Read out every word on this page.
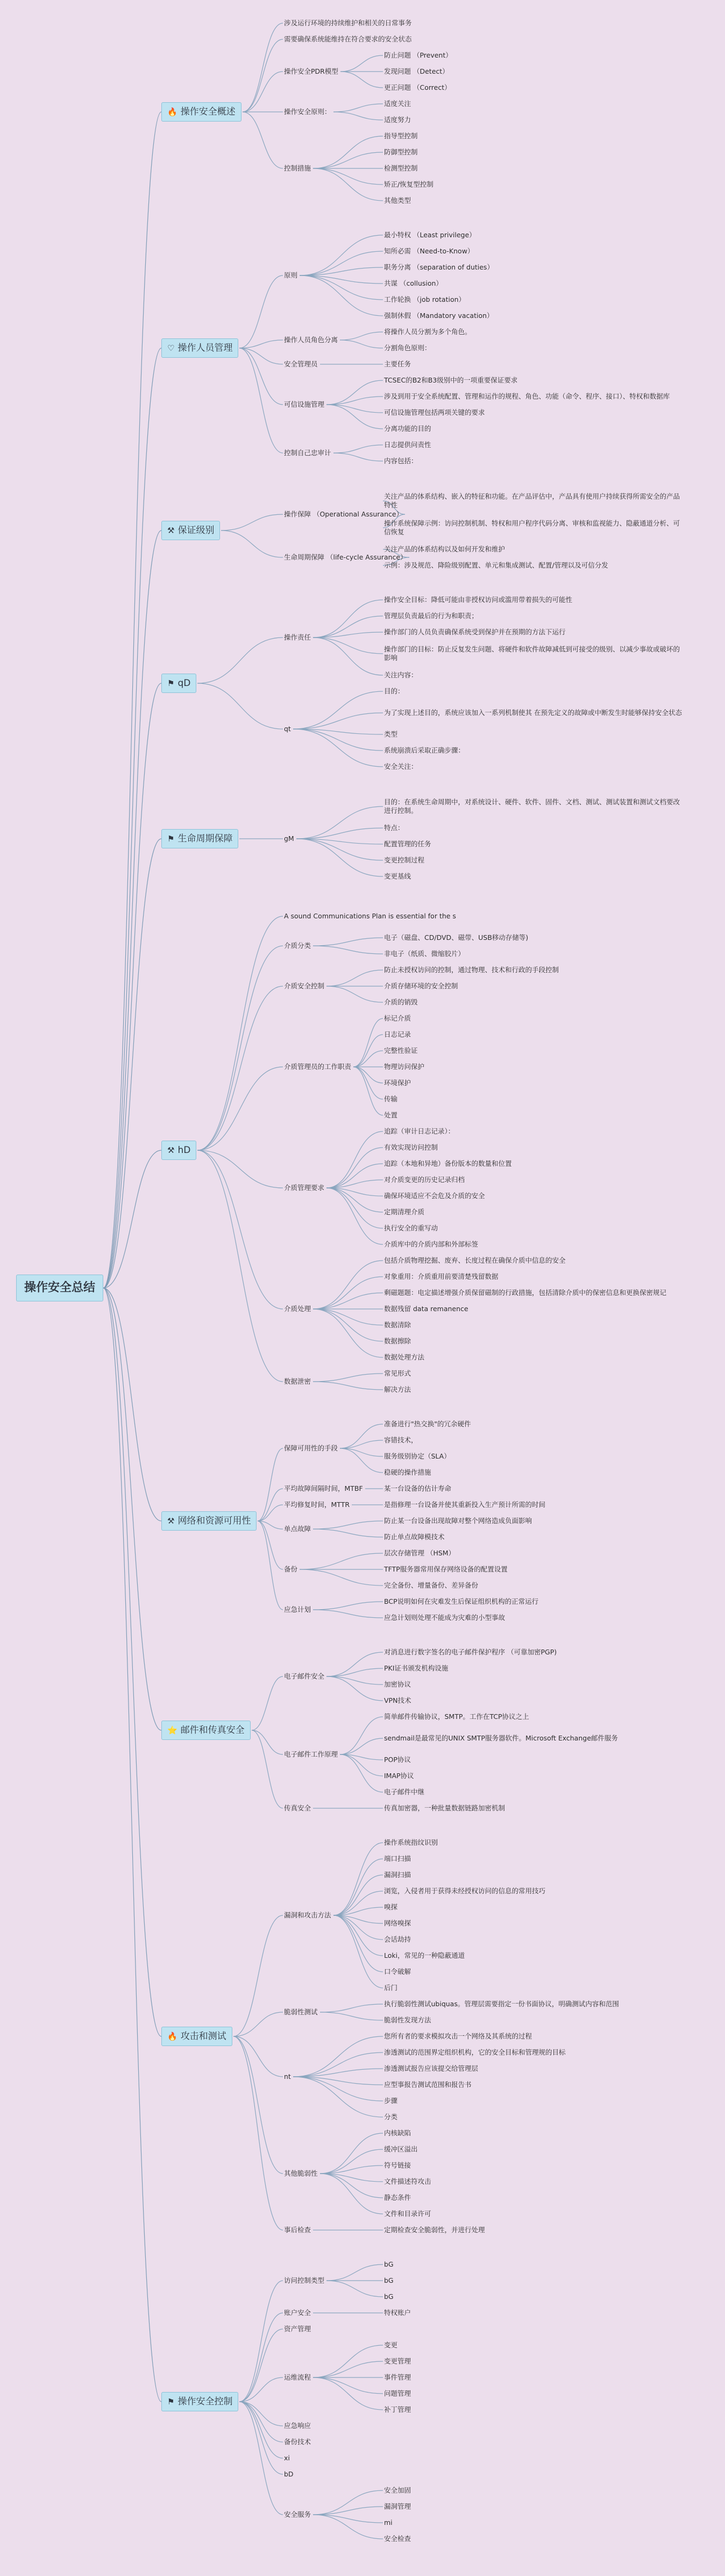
操作安全总结
🔥 操作安全概述
涉及运行环境的持续维护和相关的日常事务
需要确保系统能维持在符合要求的安全状态
操作安全PDR模型
防止问题 （Prevent）
发现问题 （Detect）
更正问题 （Correct）
操作安全原则：
适度关注
适度努力
控制措施
指导型控制
防御型控制
检测型控制
矫正/恢复型控制
其他类型
♡ 操作人员管理
原则
最小特权 （Least privilege）
知所必需 （Need-to-Know）
职务分离 （separation of duties）
共谋 （collusion）
工作轮换 （job rotation）
强制休假 （Mandatory vacation）
操作人员角色分离
将操作人员分割为多个角色。
分割角色原则：
安全管理员	主要任务
可信设施管理
TCSEC的B2和B3级别中的一项重要保证要求
涉及到用于安全系统配置、管理和运作的规程、角色、功能（命令、程序、接口）、特权和数据库
可信设施管理包括两项关键的要求
分离功能的目的
控制自己忠审计
日志提供问责性
内容包括：
⚒ 保证级别
操作保障 （Operational Assurance）
关注产品的体系结构、嵌入的特征和功能。在产品评估中，产品具有使用户持续获得所需安全的产品特性
操作系统保障示例：访问控制机制、特权和用户程序代码分离、审核和监视能力、隐蔽通道分析、可信恢复
生命周期保障 （life-cycle Assurance）
关注产品的体系结构以及如何开发和维护
示例：涉及规范、降险级别配置、单元和集成测试、配置/管理以及可信分发
⚑ qD
操作责任
操作安全目标：降低可能由非授权访问或滥用带着损失的可能性
管理层负责最后的行为和职责；
操作部门的人员负责确保系统受到保护并在预期的方法下运行
操作部门的目标：防止反复发生问题、将硬件和软件故障减低到可接受的级别、以减少事故或破坏的影响
关注内容：
qt
目的：
为了实现上述目的，系统应该加入一系列机制使其 在预先定义的故障或中断发生时能够保持安全状态
类型
系统崩溃后采取正确步骤：
安全关注：
⚑ 生命周期保障	gM
目的：在系统生命周期中，对系统设计、硬件、软件、固件、文档、测试、测试装置和测试文档要改进行控制。
特点：
配置管理的任务
变更控制过程
变更基线
⚒ hD
A sound Communications Plan is essential for the s
介质分类
电子（磁盘、CD/DVD、磁带、USB移动存储等)
非电子（纸质、微缩胶片）
介质安全控制
防止未授权访问的控制，通过物理、技术和行政的手段控制
介质存储环境的安全控制
介质的销毁
介质管理员的工作职责
标记介质
日志记录
完整性验证
物理访问保护
环境保护
传输
处置
介质管理要求
追踪（审计日志记录）：
有效实现访问控制
追踪（本地和异地）备份版本的数量和位置
对介质变更的历史记录归档
确保环境适应不会危及介质的安全
定期清理介质
执行安全的重写动
介质库中的介质内部和外部标签
介质处理
包括介质物理挖掘、废弃、长度过程在确保介质中信息的安全
对象重用：介质重用前要清楚残留数据
剩磁题题：电定描述增强介质保留磁制的行政措施，包括清除介质中的保密信息和更换保密规记
数据残留 data remanence
数据清除
数据擦除
数据处理方法
数据泄密
常见形式
解决方法
⚒ 网络和资源可用性
保障可用性的手段
准备进行"热交换"的冗余硬件
容错技术，
服务级别协定（SLA）
稳硬的操作措施
平均故障间隔时间，MTBF	某一台设备的估计寿命
平均修复时间，MTTR	是指修理一台设备并使其重新投入生产预计所需的时间
单点故障
防止某一台设备出现故障对整个网络造成负面影响
防止单点故障模技术
备份
层次存储管理 （HSM）
TFTP服务器常用保存网络设备的配置设置
完全备份、增量备份、差异备份
应急计划
BCP说明如何在灾难发生后保证组织机构的正常运行
应急计划则处理不能成为灾难的小型事故
⭐ 邮件和传真安全
电子邮件安全
对消息进行数字签名的电子邮件保护程序 （可靠加密PGP)
PKI证书颁发机构设施
加密协议
VPN技术
电子邮件工作原理
简单邮件传输协议，SMTP。工作在TCP协议之上
sendmail是最常见的UNIX SMTP服务器软件。Microsoft Exchange邮件服务
POP协议
IMAP协议
电子邮件中继
传真安全	传真加密器，一种批量数据链路加密机制
🔥 攻击和测试
漏洞和攻击方法
操作系统指纹识别
端口扫描
漏洞扫描
浏览，入侵者用于获得未经授权访问的信息的常用技巧
嗅探
网络嗅探
会话劫持
Loki，常见的一种隐蔽通道
口令破解
后门
脆弱性测试
执行脆弱性测试ubiquas。管理层需要指定一份书面协议，明确测试内容和范围
脆弱性发现方法
nt
您所有者的要求模拟攻击一个网络及其系统的过程
渗透测试的范围界定组织机构，它的安全目标和管理规的目标
渗透测试报告应该提交给管理层
应型事报告测试范围和报告书
步骤
分类
其他脆弱性
内核缺陷
缓冲区溢出
符号链接
文件描述符攻击
静态条件
文件和目录许可
事后检查	定期检查安全脆弱性，并进行处理
⚑ 操作安全控制
访问控制类型
bG
bG
bG
账户安全	特权账户
资产管理
运维流程
变更
变更管理
事件管理
问题管理
补丁管理
应急响应
备份技术
xi
bD
安全服务
安全加固
漏洞管理
mi
安全检查
